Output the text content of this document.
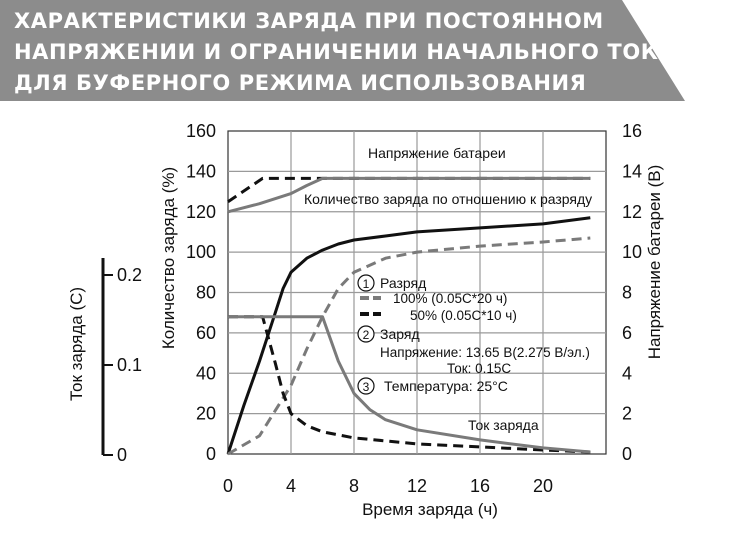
ХАРАКТЕРИСТИКИ ЗАРЯДА ПРИ ПОСТОЯННОМ
НАПРЯЖЕНИИ И ОГРАНИЧЕНИИ НАЧАЛЬНОГО ТОКА
ДЛЯ БУФЕРНОГО РЕЖИМА ИСПОЛЬЗОВАНИЯ
0
20
40
60
80
100
120
140
160
0
2
4
6
8
10
12
14
16
0	4	8	12 16 20
0
0.1
0.2
Время заряда (ч)
Количество заряда (%)	Напряжение батареи (В)
Ток заряда (С)
Напряжение батареи
Количество заряда по отношению к разряду
Ток заряда
1 Разряд
100% (0.05C*20 ч)
50% (0.05C*10 ч)
2 Заряд
Напряжение: 13.65 В(2.275 В/эл.)
Ток: 0.15C
3 Температура: 25°C
